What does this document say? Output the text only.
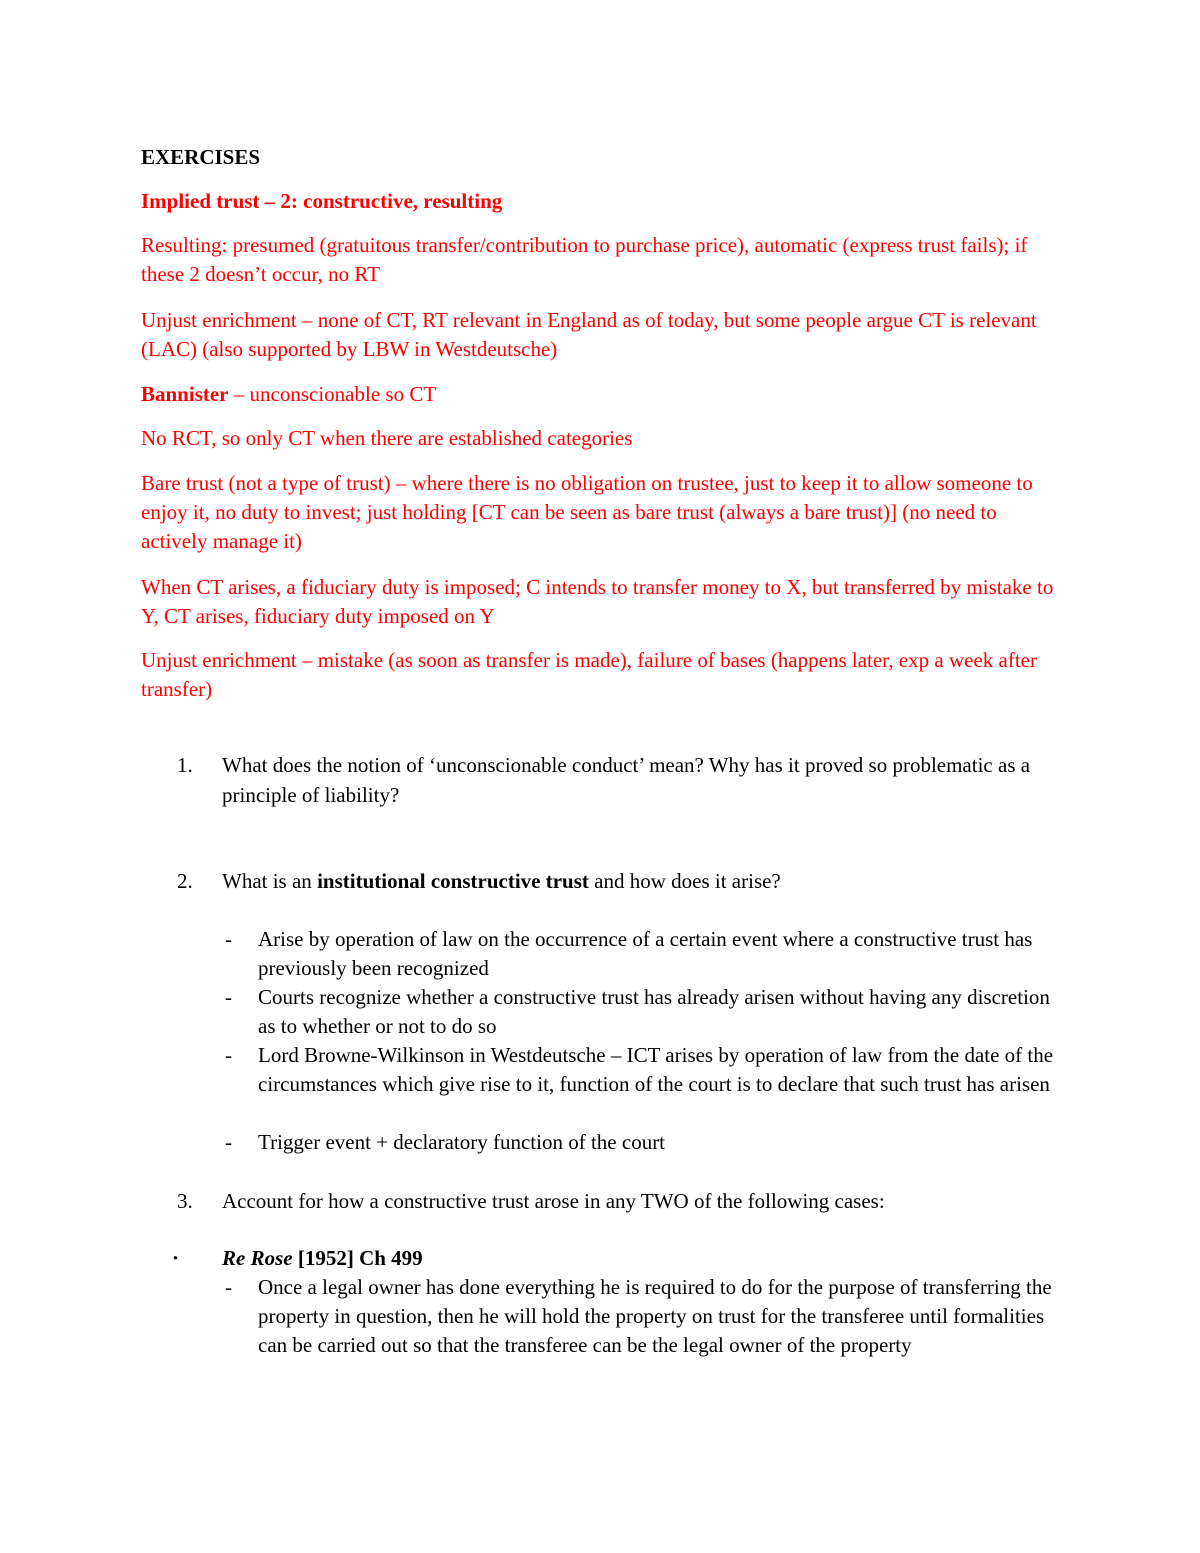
EXERCISES

Implied trust – 2: constructive, resulting

Resulting: presumed (gratuitous transfer/contribution to purchase price), automatic (express trust fails); if these 2 doesn’t occur, no RT

Unjust enrichment – none of CT, RT relevant in England as of today, but some people argue CT is relevant (LAC) (also supported by LBW in Westdeutsche)

Bannister – unconscionable so CT

No RCT, so only CT when there are established categories

Bare trust (not a type of trust) – where there is no obligation on trustee, just to keep it to allow someone to enjoy it, no duty to invest; just holding [CT can be seen as bare trust (always a bare trust)] (no need to actively manage it)

When CT arises, a fiduciary duty is imposed; C intends to transfer money to X, but transferred by mistake to Y, CT arises, fiduciary duty imposed on Y

Unjust enrichment – mistake (as soon as transfer is made), failure of bases (happens later, exp a week after transfer)

1. What does the notion of ‘unconscionable conduct’ mean? Why has it proved so problematic as a principle of liability?

2. What is an institutional constructive trust and how does it arise?

- Arise by operation of law on the occurrence of a certain event where a constructive trust has previously been recognized

- Courts recognize whether a constructive trust has already arisen without having any discretion as to whether or not to do so

- Lord Browne-Wilkinson in Westdeutsche – ICT arises by operation of law from the date of the circumstances which give rise to it, function of the court is to declare that such trust has arisen

- Trigger event + declaratory function of the court

3. Account for how a constructive trust arose in any TWO of the following cases:

· Re Rose [1952] Ch 499

- Once a legal owner has done everything he is required to do for the purpose of transferring the property in question, then he will hold the property on trust for the transferee until formalities can be carried out so that the transferee can be the legal owner of the property
